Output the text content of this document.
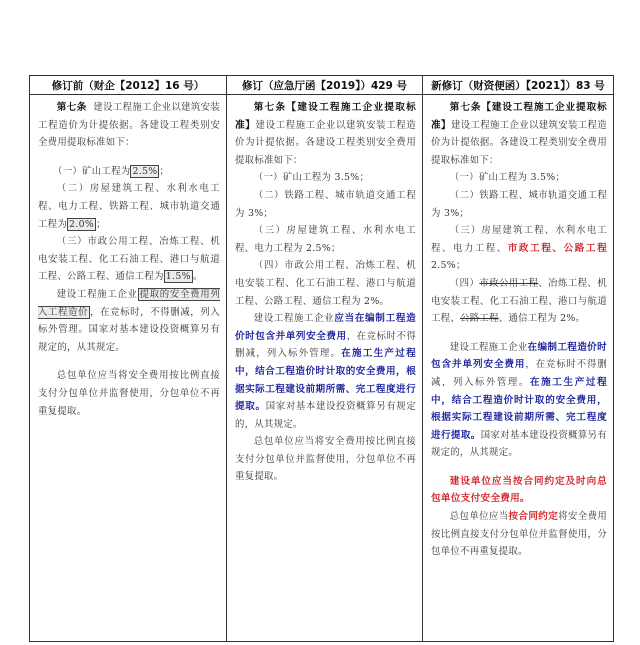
修订前（财企【2012】16 号）	修订（应急厅函【2019】）429 号	新修订（财资便函）【2021】）83 号

第七条 建设工程施工企业以建筑安装工程造价为计提依据。各建设工程类别安全费用提取标准如下：

（一）矿山工程为 2.5% ；

（二）房屋建筑工程、水利水电工程、电力工程、铁路工程、城市轨道交通工程为 2.0% ；

（三）市政公用工程、冶炼工程、机电安装工程、化工石油工程、港口与航道工程、公路工程、通信工程为 1.5% 。

建设工程施工企业 提取的安全费用列入工程造价 ，在竞标时，不得删减，列入标外管理。国家对基本建设投资概算另有规定的，从其规定。

总包单位应当将安全费用按比例直接支付分包单位并监督使用，分包单位不再重复提取。

第七条【建设工程施工企业提取标准】建设工程施工企业以建筑安装工程造价为计提依据。各建设工程类别安全费用提取标准如下：

（一）矿山工程为 3.5%；

（二）铁路工程、城市轨道交通工程为 3%；

（三）房屋建筑工程、水利水电工程、电力工程为 2.5%；

（四）市政公用工程、冶炼工程、机电安装工程、化工石油工程、港口与航道工程、公路工程、通信工程为 2%。

建设工程施工企业应当在编制工程造价时包含并单列安全费用，在竞标时不得删减，列入标外管理。在施工生产过程中，结合工程造价时计取的安全费用，根据实际工程建设前期所需、完工程度进行提取。国家对基本建设投资概算另有规定的，从其规定。

总包单位应当将安全费用按比例直接支付分包单位并监督使用，分包单位不再重复提取。

第七条【建设工程施工企业提取标准】建设工程施工企业以建筑安装工程造价为计提依据。各建设工程类别安全费用提取标准如下：

（一）矿山工程为 3.5%；

（二）铁路工程、城市轨道交通工程为 3%；

（三）房屋建筑工程、水利水电工程、电力工程、市政工程、公路工程 2.5%；

（四）市政公用工程、冶炼工程、机电安装工程、化工石油工程、港口与航道工程、公路工程、通信工程为 2%。

建设工程施工企业在编制工程造价时包含并单列安全费用，在竞标时不得删减，列入标外管理。在施工生产过程中，结合工程造价时计取的安全费用，根据实际工程建设前期所需、完工程度进行提取。国家对基本建设投资概算另有规定的，从其规定。

建设单位应当按合同约定及时向总包单位支付安全费用。

总包单位应当按合同约定将安全费用按比例直接支付分包单位并监督使用，分包单位不再重复提取。
